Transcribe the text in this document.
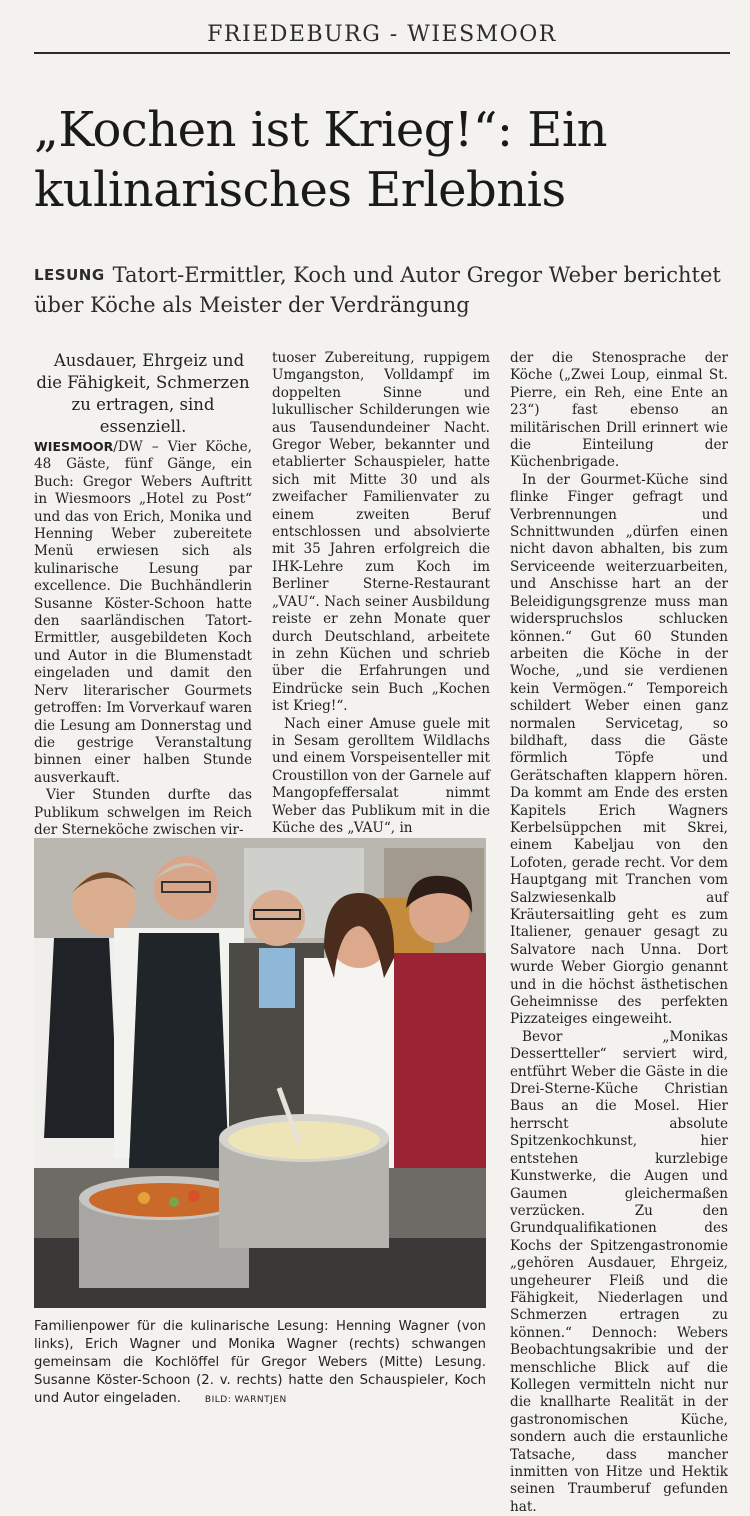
FRIEDEBURG - WIESMOOR
„Kochen ist Krieg!“: Ein kulinarisches Erlebnis

LESUNG Tatort-Ermittler, Koch und Autor Gregor Weber berichtet über Köche als Meister der Verdrängung

Ausdauer, Ehrgeiz und die Fähigkeit, Schmerzen zu ertragen, sind essenziell.

WIESMOOR/DW – Vier Köche, 48 Gäste, fünf Gänge, ein Buch: Gregor Webers Auftritt in Wiesmoors „Hotel zu Post“ und das von Erich, Monika und Henning Weber zubereitete Menü erwiesen sich als kulinarische Lesung par excellence. Die Buchhändlerin Susanne Köster-Schoon hatte den saarländischen Tatort-Ermittler, ausgebildeten Koch und Autor in die Blumenstadt eingeladen und damit den Nerv literarischer Gourmets getroffen: Im Vorverkauf waren die Lesung am Donnerstag und die gestrige Veranstaltung binnen einer halben Stunde ausverkauft.

Vier Stunden durfte das Publikum schwelgen im Reich der Sterneköche zwischen vir-

tuoser Zubereitung, ruppigem Umgangston, Volldampf im doppelten Sinne und lukullischer Schilderungen wie aus Tausendundeiner Nacht. Gregor Weber, bekannter und etablierter Schauspieler, hatte sich mit Mitte 30 und als zweifacher Familienvater zu einem zweiten Beruf entschlossen und absolvierte mit 35 Jahren erfolgreich die IHK-Lehre zum Koch im Berliner Sterne-Restaurant „VAU“. Nach seiner Ausbildung reiste er zehn Monate quer durch Deutschland, arbeitete in zehn Küchen und schrieb über die Erfahrungen und Eindrücke sein Buch „Kochen ist Krieg!“.

Nach einer Amuse guele mit in Sesam gerolltem Wildlachs und einem Vorspeisenteller mit Croustillon von der Garnele auf Mangopfeffersalat nimmt Weber das Publikum mit in die Küche des „VAU“, in

der die Stenosprache der Köche („Zwei Loup, einmal St. Pierre, ein Reh, eine Ente an 23“) fast ebenso an militärischen Drill erinnert wie die Einteilung der Küchenbrigade.

In der Gourmet-Küche sind flinke Finger gefragt und Verbrennungen und Schnittwunden „dürfen einen nicht davon abhalten, bis zum Serviceende weiterzuarbeiten, und Anschisse hart an der Beleidigungsgrenze muss man widerspruchslos schlucken können.“ Gut 60 Stunden arbeiten die Köche in der Woche, „und sie verdienen kein Vermögen.“ Temporeich schildert Weber einen ganz normalen Servicetag, so bildhaft, dass die Gäste förmlich Töpfe und Gerätschaften klappern hören. Da kommt am Ende des ersten Kapitels Erich Wagners Kerbelsüppchen mit Skrei, einem Kabeljau von den Lofoten, gerade recht. Vor dem Hauptgang mit Tranchen vom Salzwiesenkalb auf Kräutersaitling geht es zum Italiener, genauer gesagt zu Salvatore nach Unna. Dort wurde Weber Giorgio genannt und in die höchst ästhetischen Geheimnisse des perfekten Pizzateiges eingeweiht.

Bevor „Monikas Dessertteller“ serviert wird, entführt Weber die Gäste in die Drei-Sterne-Küche Christian Baus an die Mosel. Hier herrscht absolute Spitzenkochkunst, hier entstehen kurzlebige Kunstwerke, die Augen und Gaumen gleichermaßen verzücken. Zu den Grundqualifikationen des Kochs der Spitzengastronomie „gehören Ausdauer, Ehrgeiz, ungeheurer Fleiß und die Fähigkeit, Niederlagen und Schmerzen ertragen zu können.“ Dennoch: Webers Beobachtungsakribie und der menschliche Blick auf die Kollegen vermitteln nicht nur die knallharte Realität in der gastronomischen Küche, sondern auch die erstaunliche Tatsache, dass mancher inmitten von Hitze und Hektik seinen Traumberuf gefunden hat.

Familienpower für die kulinarische Lesung: Henning Wagner (von links), Erich Wagner und Monika Wagner (rechts) schwangen gemeinsam die Kochlöffel für Gregor Webers (Mitte) Lesung. Susanne Köster-Schoon (2. v. rechts) hatte den Schauspieler, Koch und Autor eingeladen.	BILD: WARNTJEN
